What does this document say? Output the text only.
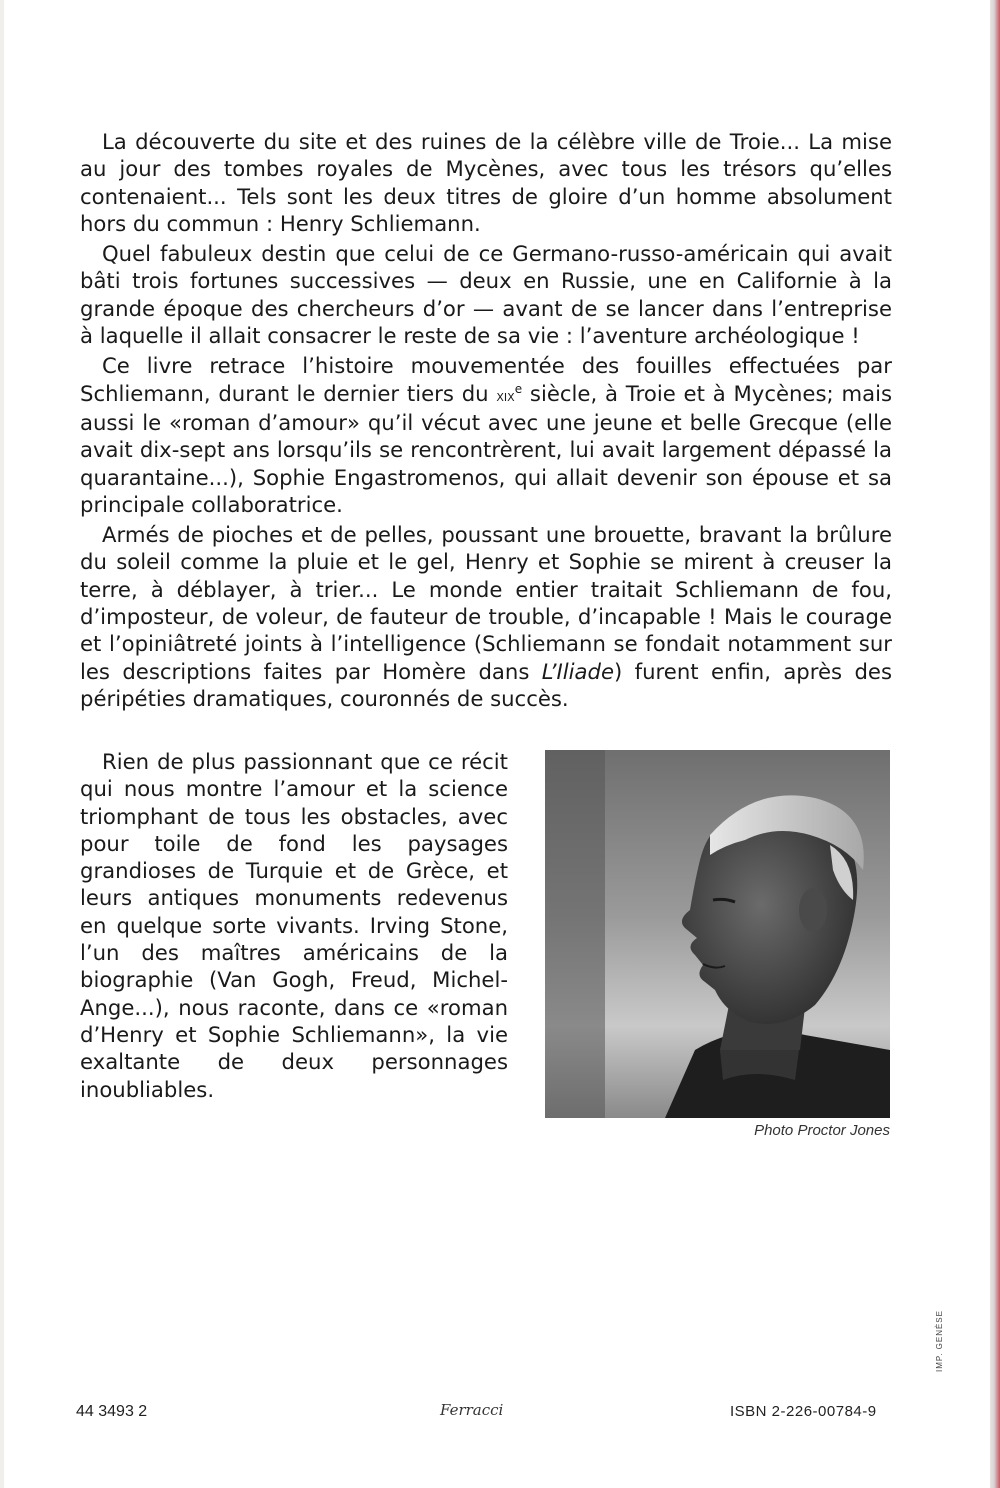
La découverte du site et des ruines de la célèbre ville de Troie... La mise au jour des tombes royales de Mycènes, avec tous les trésors qu’elles contenaient... Tels sont les deux titres de gloire d’un homme absolument hors du commun : Henry Schliemann.

Quel fabuleux destin que celui de ce Germano-russo-américain qui avait bâti trois fortunes successives — deux en Russie, une en Californie à la grande époque des chercheurs d’or — avant de se lancer dans l’entreprise à laquelle il allait consacrer le reste de sa vie : l’aventure archéologique !

Ce livre retrace l’histoire mouvementée des fouilles effectuées par Schliemann, durant le dernier tiers du xix$^e$ siècle, à Troie et à Mycènes; mais aussi le «roman d’amour» qu’il vécut avec une jeune et belle Grecque (elle avait dix-sept ans lorsqu’ils se rencontrèrent, lui avait largement dépassé la quarantaine...), Sophie Engastromenos, qui allait devenir son épouse et sa principale collaboratrice.

Armés de pioches et de pelles, poussant une brouette, bravant la brûlure du soleil comme la pluie et le gel, Henry et Sophie se mirent à creuser la terre, à déblayer, à trier... Le monde entier traitait Schliemann de fou, d’imposteur, de voleur, de fauteur de trouble, d’incapable ! Mais le courage et l’opiniâtreté joints à l’intelligence (Schliemann se fondait notamment sur les descriptions faites par Homère dans L’Iliade) furent enfin, après des péripéties dramatiques, couronnés de succès.

Rien de plus passionnant que ce récit qui nous montre l’amour et la science triomphant de tous les obstacles, avec pour toile de fond les paysages grandioses de Turquie et de Grèce, et leurs antiques monuments redevenus en quelque sorte vivants. Irving Stone, l’un des maîtres américains de la biographie (Van Gogh, Freud, Michel-Ange...), nous raconte, dans ce «roman d’Henry et Sophie Schliemann», la vie exaltante de deux personnages inoubliables.

Photo Proctor Jones
44 3493 2	Ferracci	ISBN 2-226-00784-9
IMP. GENÈSE
